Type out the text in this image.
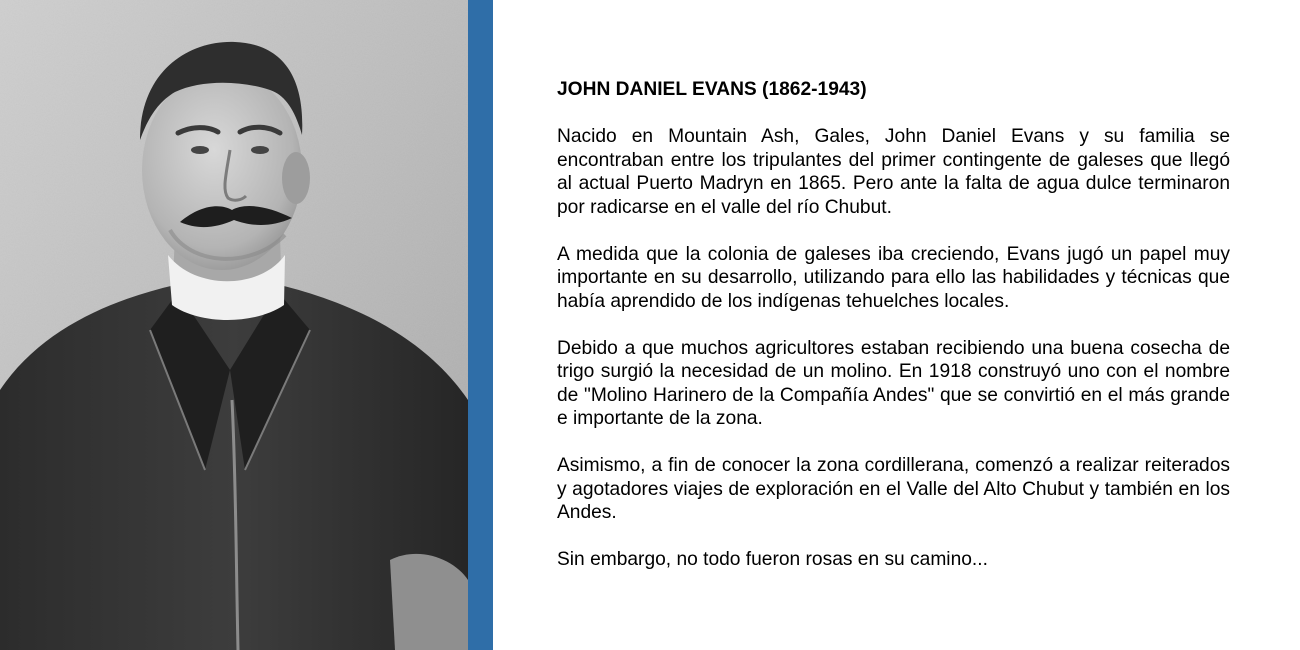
JOHN DANIEL EVANS (1862-1943)

Nacido en Mountain Ash, Gales, John Daniel Evans y su familia se encontraban entre los tripulantes del primer contingente de galeses que llegó al actual Puerto Madryn en 1865. Pero ante la falta de agua dulce terminaron por radicarse en el valle del río Chubut.

A medida que la colonia de galeses iba creciendo, Evans jugó un papel muy importante en su desarrollo, utilizando para ello las habilidades y técnicas que había aprendido de los indígenas tehuelches locales.

Debido a que muchos agricultores estaban recibiendo una buena cosecha de trigo surgió la necesidad de un molino. En 1918 construyó uno con el nombre de "Molino Harinero de la Compañía Andes" que se convirtió en el más grande e importante de la zona.

Asimismo, a fin de conocer la zona cordillerana, comenzó a realizar reiterados y agotadores viajes de exploración en el Valle del Alto Chubut y también en los Andes.

Sin embargo, no todo fueron rosas en su camino...
